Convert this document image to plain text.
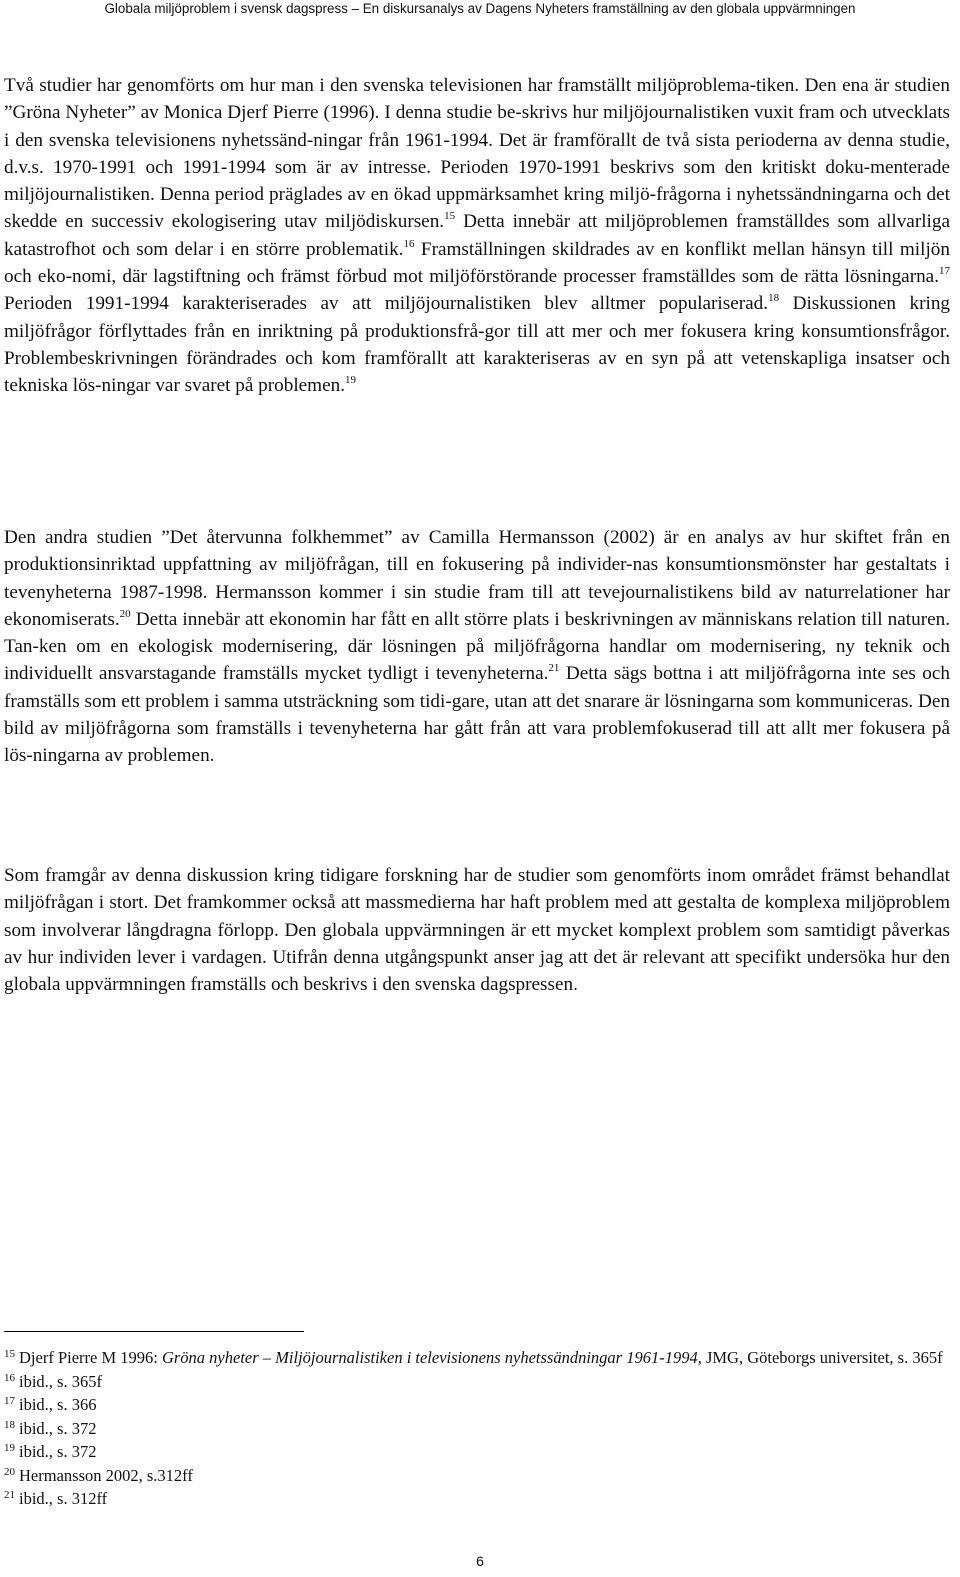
Globala miljöproblem i svensk dagspress – En diskursanalys av Dagens Nyheters framställning av den globala uppvärmningen

Två studier har genomförts om hur man i den svenska televisionen har framställt miljöproblema-tiken. Den ena är studien ”Gröna Nyheter” av Monica Djerf Pierre (1996). I denna studie be-skrivs hur miljöjournalistiken vuxit fram och utvecklats i den svenska televisionens nyhetssänd-ningar från 1961-1994. Det är framförallt de två sista perioderna av denna studie, d.v.s. 1970-1991 och 1991-1994 som är av intresse. Perioden 1970-1991 beskrivs som den kritiskt doku-menterade miljöjournalistiken. Denna period präglades av en ökad uppmärksamhet kring miljö-frågorna i nyhetssändningarna och det skedde en successiv ekologisering utav miljödiskursen.$^{15}$ Detta innebär att miljöproblemen framställdes som allvarliga katastrofhot och som delar i en större problematik.$^{16}$ Framställningen skildrades av en konflikt mellan hänsyn till miljön och eko-nomi, där lagstiftning och främst förbud mot miljöförstörande processer framställdes som de rätta lösningarna.$^{17}$ Perioden 1991-1994 karakteriserades av att miljöjournalistiken blev alltmer populariserad.$^{18}$ Diskussionen kring miljöfrågor förflyttades från en inriktning på produktionsfrå-gor till att mer och mer fokusera kring konsumtionsfrågor. Problembeskrivningen förändrades och kom framförallt att karakteriseras av en syn på att vetenskapliga insatser och tekniska lös-ningar var svaret på problemen.$^{19}$

Den andra studien ”Det återvunna folkhemmet” av Camilla Hermansson (2002) är en analys av hur skiftet från en produktionsinriktad uppfattning av miljöfrågan, till en fokusering på individer-nas konsumtionsmönster har gestaltats i tevenyheterna 1987-1998. Hermansson kommer i sin studie fram till att tevejournalistikens bild av naturrelationer har ekonomiserats.$^{20}$ Detta innebär att ekonomin har fått en allt större plats i beskrivningen av människans relation till naturen. Tan-ken om en ekologisk modernisering, där lösningen på miljöfrågorna handlar om modernisering, ny teknik och individuellt ansvarstagande framställs mycket tydligt i tevenyheterna.$^{21}$ Detta sägs bottna i att miljöfrågorna inte ses och framställs som ett problem i samma utsträckning som tidi-gare, utan att det snarare är lösningarna som kommuniceras. Den bild av miljöfrågorna som framställs i tevenyheterna har gått från att vara problemfokuserad till att allt mer fokusera på lös-ningarna av problemen.

Som framgår av denna diskussion kring tidigare forskning har de studier som genomförts inom området främst behandlat miljöfrågan i stort. Det framkommer också att massmedierna har haft problem med att gestalta de komplexa miljöproblem som involverar långdragna förlopp. Den globala uppvärmningen är ett mycket komplext problem som samtidigt påverkas av hur individen lever i vardagen. Utifrån denna utgångspunkt anser jag att det är relevant att specifikt undersöka hur den globala uppvärmningen framställs och beskrivs i den svenska dagspressen.

$^{15}$ Djerf Pierre M 1996: Gröna nyheter – Miljöjournalistiken i televisionens nyhetssändningar 1961-1994, JMG, Göteborgs universitet, s. 365f

$^{16}$ ibid., s. 365f

$^{17}$ ibid., s. 366

$^{18}$ ibid., s. 372

$^{19}$ ibid., s. 372

$^{20}$ Hermansson 2002, s.312ff

$^{21}$ ibid., s. 312ff

6
